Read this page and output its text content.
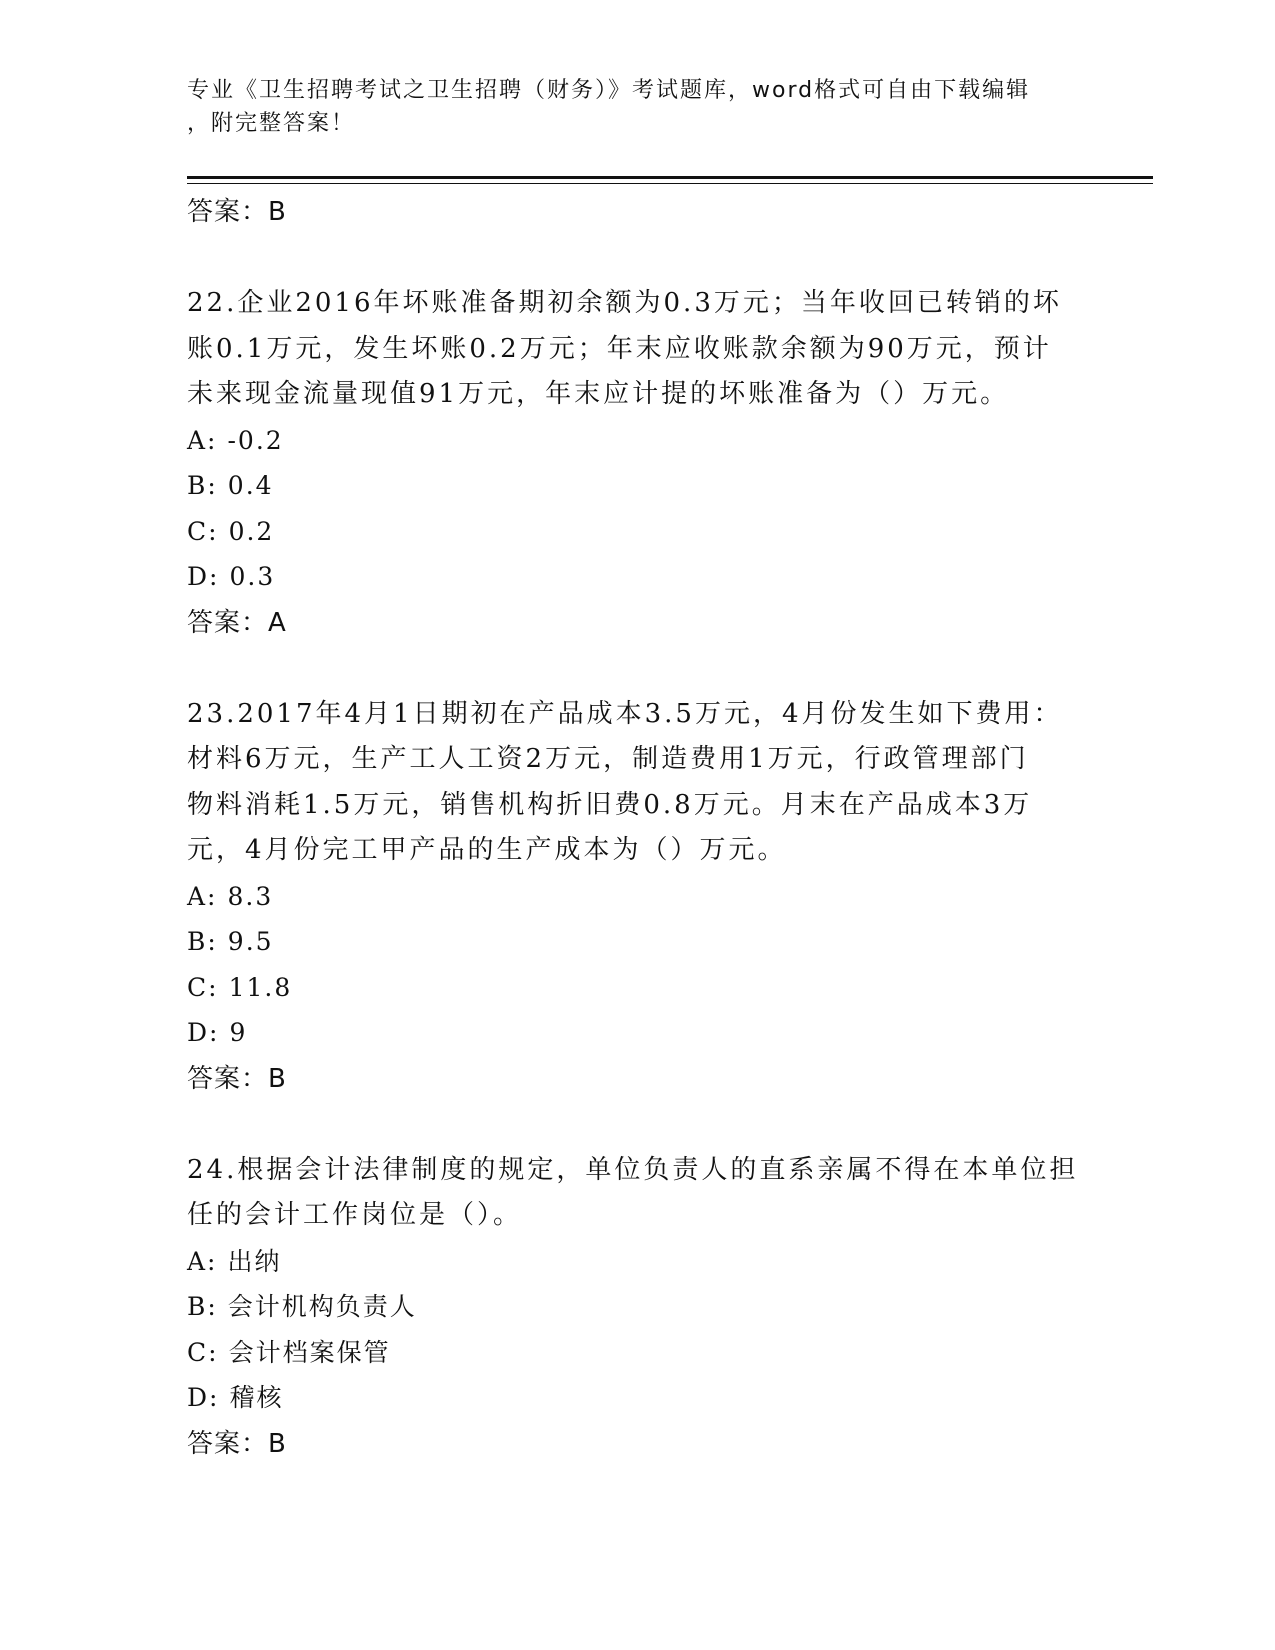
专业《卫生招聘考试之卫生招聘（财务）》考试题库，word格式可自由下载编辑
，附完整答案！
答案：B
22.企业2016年坏账准备期初余额为0.3万元；当年收回已转销的坏
账0.1万元，发生坏账0.2万元；年末应收账款余额为90万元，预计
未来现金流量现值91万元，年末应计提的坏账准备为（）万元。
A: -0.2
B: 0.4
C: 0.2
D: 0.3
答案：A
23.2017年4月1日期初在产品成本3.5万元，4月份发生如下费用：
材料6万元，生产工人工资2万元，制造费用1万元，行政管理部门
物料消耗1.5万元，销售机构折旧费0.8万元。月末在产品成本3万
元，4月份完工甲产品的生产成本为（）万元。
A: 8.3
B: 9.5
C: 11.8
D: 9
答案：B
24.根据会计法律制度的规定，单位负责人的直系亲属不得在本单位担
任的会计工作岗位是（）。
A: 出纳
B: 会计机构负责人
C: 会计档案保管
D: 稽核
答案：B
